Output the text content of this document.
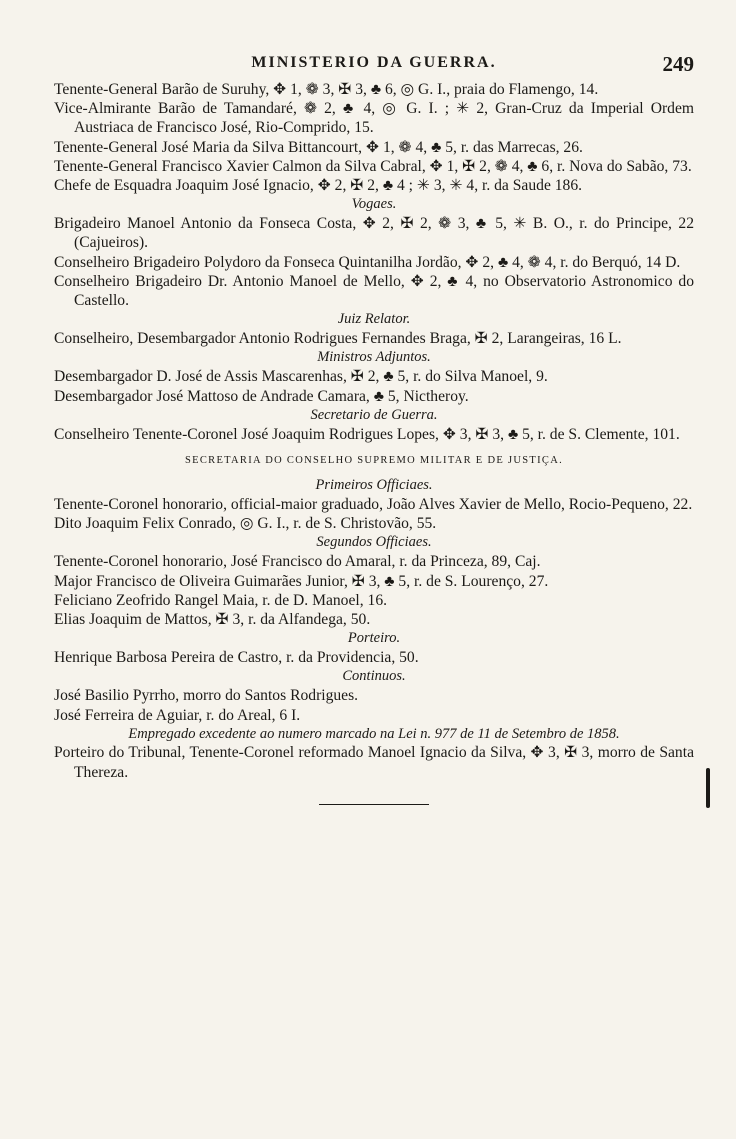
MINISTERIO DA GUERRA.	249

Tenente-General Barão de Suruhy, ✥ 1, ❁ 3, ✠ 3, ♣ 6, ◎ G. I., praia do Flamengo, 14.

Vice-Almirante Barão de Tamandaré, ❁ 2, ♣ 4, ◎ G. I. ; ✳ 2, Gran-Cruz da Imperial Ordem Austriaca de Francisco José, Rio-Comprido, 15.

Tenente-General José Maria da Silva Bittancourt, ✥ 1, ❁ 4, ♣ 5, r. das Marrecas, 26.

Tenente-General Francisco Xavier Calmon da Silva Cabral, ✥ 1, ✠ 2, ❁ 4, ♣ 6, r. Nova do Sabão, 73.

Chefe de Esquadra Joaquim José Ignacio, ✥ 2, ✠ 2, ♣ 4 ; ✳ 3, ✳ 4, r. da Saude 186.

Vogaes.

Brigadeiro Manoel Antonio da Fonseca Costa, ✥ 2, ✠ 2, ❁ 3, ♣ 5, ✳ B. O., r. do Principe, 22 (Cajueiros).

Conselheiro Brigadeiro Polydoro da Fonseca Quintanilha Jordão, ✥ 2, ♣ 4, ❁ 4, r. do Berquó, 14 D.

Conselheiro Brigadeiro Dr. Antonio Manoel de Mello, ✥ 2, ♣ 4, no Observatorio Astronomico do Castello.

Juiz Relator.

Conselheiro, Desembargador Antonio Rodrigues Fernandes Braga, ✠ 2, Larangeiras, 16 L.

Ministros Adjuntos.

Desembargador D. José de Assis Mascarenhas, ✠ 2, ♣ 5, r. do Silva Manoel, 9.

Desembargador José Mattoso de Andrade Camara, ♣ 5, Nictheroy.

Secretario de Guerra.

Conselheiro Tenente-Coronel José Joaquim Rodrigues Lopes, ✥ 3, ✠ 3, ♣ 5, r. de S. Clemente, 101.

SECRETARIA DO CONSELHO SUPREMO MILITAR E DE JUSTIÇA.
Primeiros Officiaes.

Tenente-Coronel honorario, official-maior graduado, João Alves Xavier de Mello, Rocio-Pequeno, 22.

Dito Joaquim Felix Conrado, ◎ G. I., r. de S. Christovão, 55.

Segundos Officiaes.

Tenente-Coronel honorario, José Francisco do Amaral, r. da Princeza, 89, Caj.

Major Francisco de Oliveira Guimarães Junior, ✠ 3, ♣ 5, r. de S. Lourenço, 27.

Feliciano Zeofrido Rangel Maia, r. de D. Manoel, 16.

Elias Joaquim de Mattos, ✠ 3, r. da Alfandega, 50.

Porteiro.

Henrique Barbosa Pereira de Castro, r. da Providencia, 50.

Continuos.

José Basilio Pyrrho, morro do Santos Rodrigues.

José Ferreira de Aguiar, r. do Areal, 6 I.

Empregado excedente ao numero marcado na Lei n. 977 de 11 de Setembro de 1858.

Porteiro do Tribunal, Tenente-Coronel reformado Manoel Ignacio da Silva, ✥ 3, ✠ 3, morro de Santa Thereza.
